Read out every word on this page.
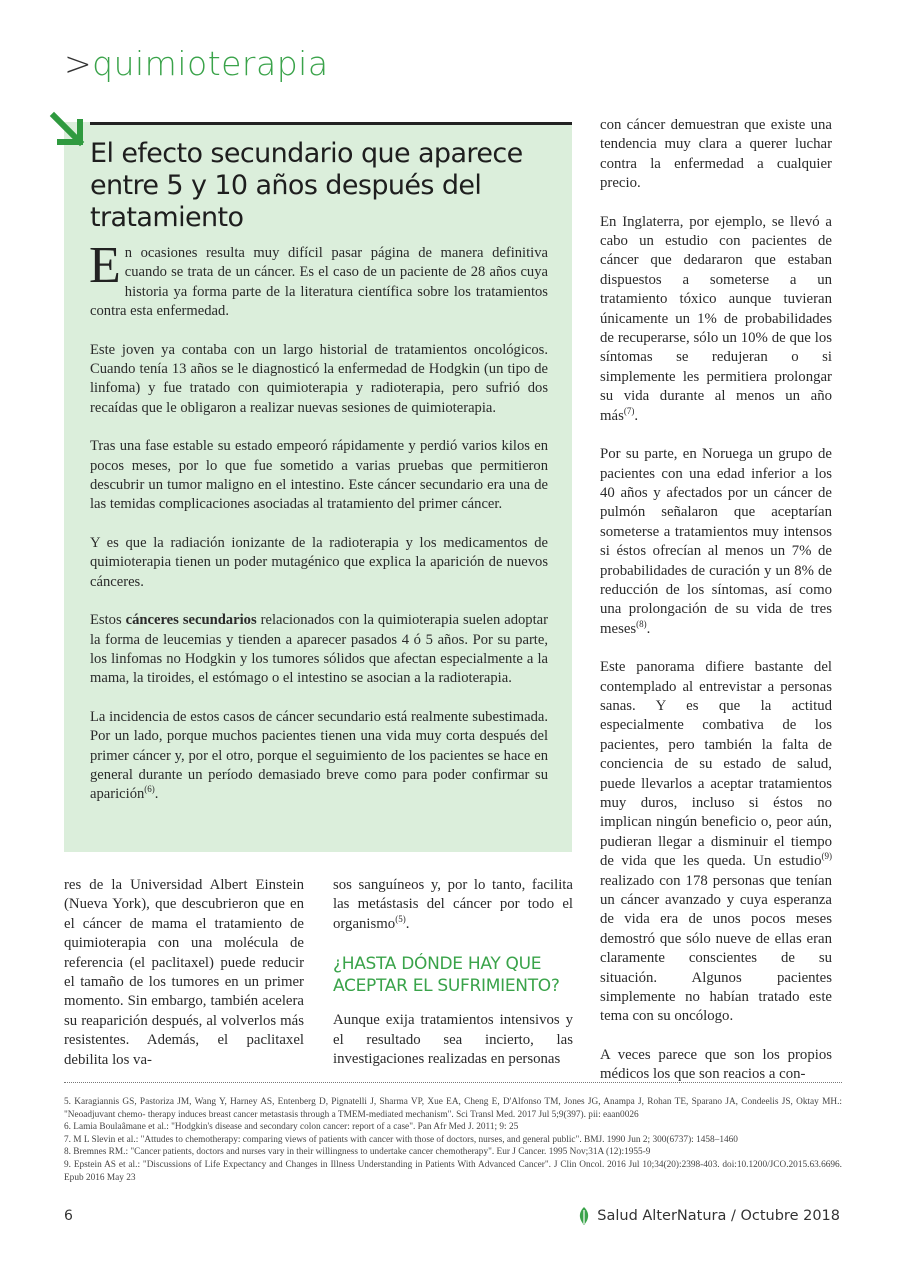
>quimioterapia
El efecto secundario que aparece entre 5 y 10 años después del tratamiento

En ocasiones resulta muy difícil pasar página de manera definitiva cuando se trata de un cáncer. Es el caso de un paciente de 28 años cuya historia ya forma parte de la literatura científica sobre los tratamientos contra esta enfermedad.

Este joven ya contaba con un largo historial de tratamientos oncológicos. Cuando tenía 13 años se le diagnosticó la enfermedad de Hodgkin (un tipo de linfoma) y fue tratado con quimioterapia y radioterapia, pero sufrió dos recaídas que le obligaron a realizar nuevas sesiones de quimioterapia.

Tras una fase estable su estado empeoró rápidamente y perdió varios kilos en pocos meses, por lo que fue sometido a varias pruebas que permitieron descubrir un tumor maligno en el intestino. Este cáncer secundario era una de las temidas complicaciones asociadas al tratamiento del primer cáncer.

Y es que la radiación ionizante de la radioterapia y los medicamentos de quimioterapia tienen un poder mutagénico que explica la aparición de nuevos cánceres.

Estos cánceres secundarios relacionados con la quimioterapia suelen adoptar la forma de leucemias y tienden a aparecer pasados 4 ó 5 años. Por su parte, los linfomas no Hodgkin y los tumores sólidos que afectan especialmente a la mama, la tiroides, el estómago o el intestino se asocian a la radioterapia.

La incidencia de estos casos de cáncer secundario está realmente subestimada. Por un lado, porque muchos pacientes tienen una vida muy corta después del primer cáncer y, por el otro, porque el seguimiento de los pacientes se hace en general durante un período demasiado breve como para poder confirmar su aparición$^{(6)}$.

con cáncer demuestran que existe una tendencia muy clara a querer luchar contra la enfermedad a cualquier precio.

En Inglaterra, por ejemplo, se llevó a cabo un estudio con pacientes de cáncer que dedararon que estaban dispuestos a someterse a un tratamiento tóxico aunque tuvieran únicamente un 1% de probabilidades de recuperarse, sólo un 10% de que los síntomas se redujeran o si simplemente les permitiera prolongar su vida durante al menos un año más$^{(7)}$.

Por su parte, en Noruega un grupo de pacientes con una edad inferior a los 40 años y afectados por un cáncer de pulmón señalaron que aceptarían someterse a tratamientos muy intensos si éstos ofrecían al menos un 7% de probabilidades de curación y un 8% de reducción de los síntomas, así como una prolongación de su vida de tres meses$^{(8)}$.

Este panorama difiere bastante del contemplado al entrevistar a personas sanas. Y es que la actitud especialmente combativa de los pacientes, pero también la falta de conciencia de su estado de salud, puede llevarlos a aceptar tratamientos muy duros, incluso si éstos no implican ningún beneficio o, peor aún, pudieran llegar a disminuir el tiempo de vida que les queda. Un estudio$^{(9)}$ realizado con 178 personas que tenían un cáncer avanzado y cuya esperanza de vida era de unos pocos meses demostró que sólo nueve de ellas eran claramente conscientes de su situación. Algunos pacientes simplemente no habían tratado este tema con su oncólogo.

A veces parece que son los propios médicos los que son reacios a con-

res de la Universidad Albert Einstein (Nueva York), que descubrieron que en el cáncer de mama el tratamiento de quimioterapia con una molécula de referencia (el paclitaxel) puede reducir el tamaño de los tumores en un primer momento. Sin embargo, también acelera su reaparición después, al volverlos más resistentes. Además, el paclitaxel debilita los va-

sos sanguíneos y, por lo tanto, facilita las metástasis del cáncer por todo el organismo$^{(5)}$.

¿HASTA DÓNDE HAY QUE ACEPTAR EL SUFRIMIENTO?

Aunque exija tratamientos intensivos y el resultado sea incierto, las investigaciones realizadas en personas

5. Karagiannis GS, Pastoriza JM, Wang Y, Harney AS, Entenberg D, Pignatelli J, Sharma VP, Xue EA, Cheng E, D'Alfonso TM, Jones JG, Anampa J, Rohan TE, Sparano JA, Condeelis JS, Oktay MH.: "Neoadjuvant chemo- therapy induces breast cancer metastasis through a TMEM-mediated mechanism". Sci Transl Med. 2017 Jul 5;9(397). pii: eaan0026
6. Lamia Boulaâmane et al.: "Hodgkin's disease and secondary colon cancer: report of a case". Pan Afr Med J. 2011; 9: 25
7. M L Slevin et al.: "Attudes to chemotherapy: comparing views of patients with cancer with those of doctors, nurses, and general public". BMJ. 1990 Jun 2; 300(6737): 1458–1460
8. Bremnes RM.: "Cancer patients, doctors and nurses vary in their willingness to undertake cancer chemotherapy". Eur J Cancer. 1995 Nov;31A (12):1955-9
9. Epstein AS et al.: "Discussions of Life Expectancy and Changes in Illness Understanding in Patients With Advanced Cancer". J Clin Oncol. 2016 Jul 10;34(20):2398-403. doi:10.1200/JCO.2015.63.6696. Epub 2016 May 23
6	Salud AlterNatura / Octubre 2018
